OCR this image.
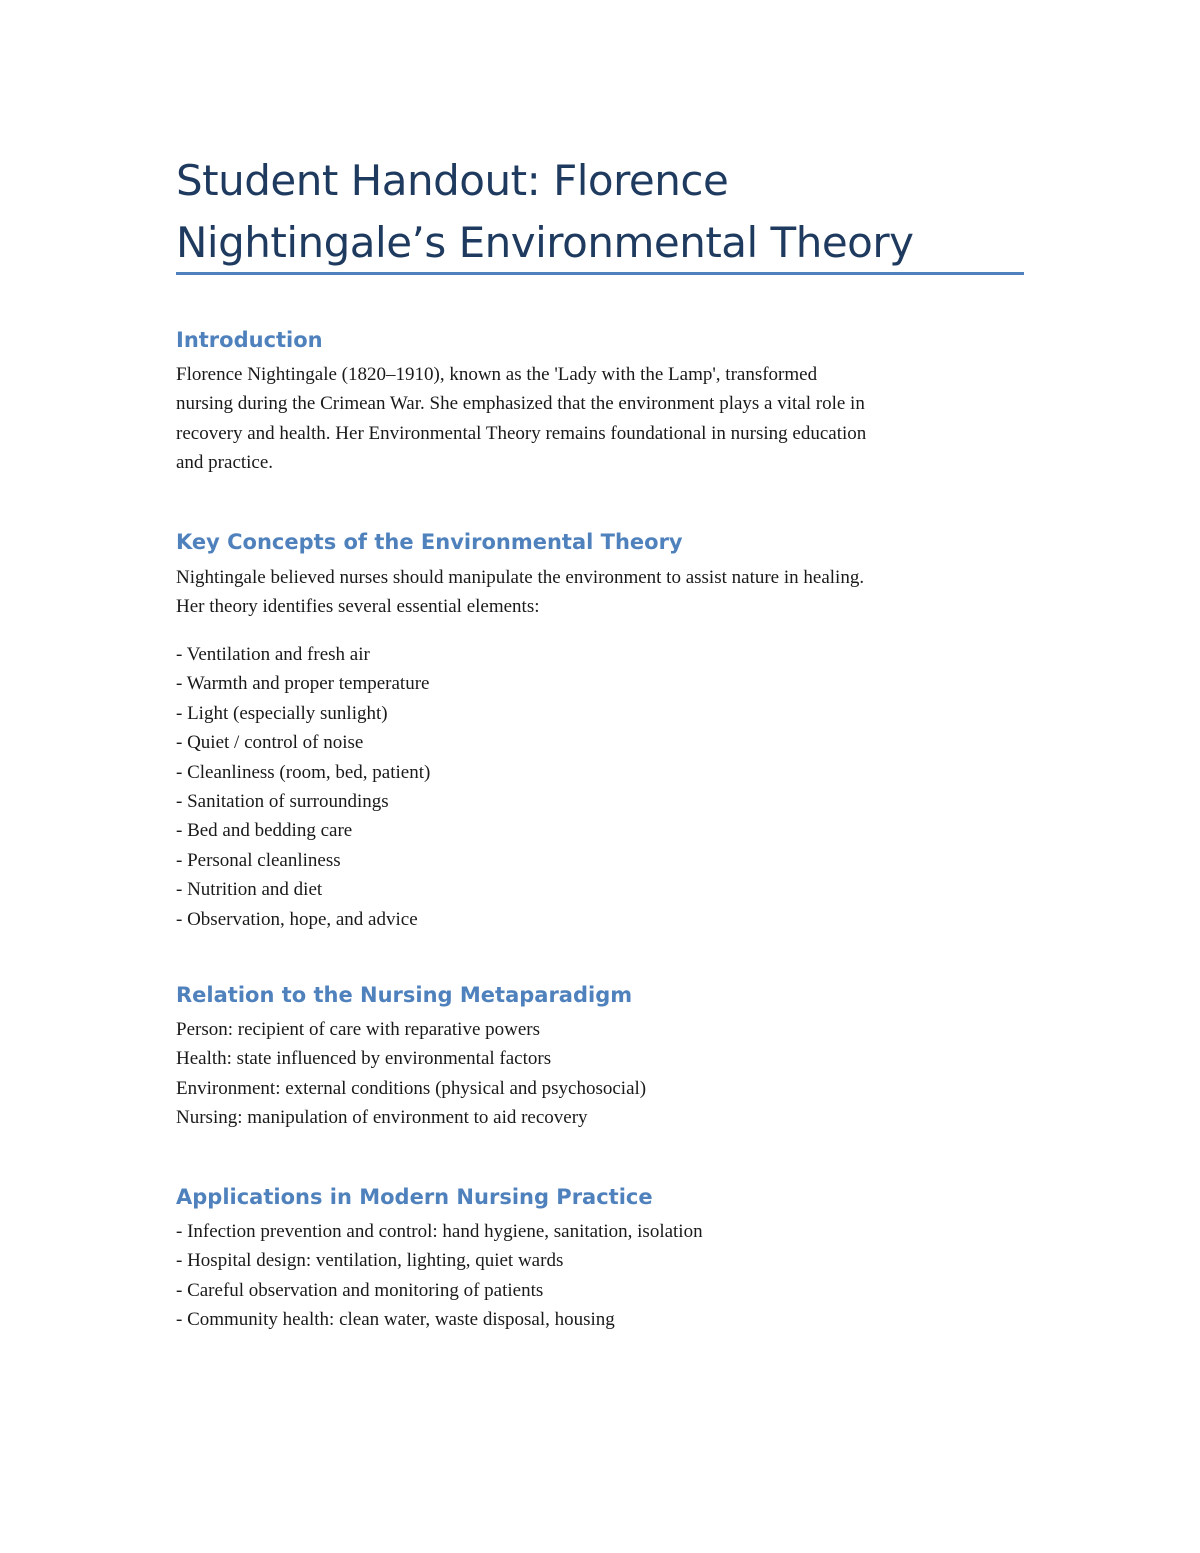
Student Handout: Florence
Nightingale’s Environmental Theory
Introduction
Florence Nightingale (1820–1910), known as the 'Lady with the Lamp', transformed
nursing during the Crimean War. She emphasized that the environment plays a vital role in
recovery and health. Her Environmental Theory remains foundational in nursing education
and practice.
Key Concepts of the Environmental Theory
Nightingale believed nurses should manipulate the environment to assist nature in healing.
Her theory identifies several essential elements:
- Ventilation and fresh air
- Warmth and proper temperature
- Light (especially sunlight)
- Quiet / control of noise
- Cleanliness (room, bed, patient)
- Sanitation of surroundings
- Bed and bedding care
- Personal cleanliness
- Nutrition and diet
- Observation, hope, and advice
Relation to the Nursing Metaparadigm
Person: recipient of care with reparative powers
Health: state influenced by environmental factors
Environment: external conditions (physical and psychosocial)
Nursing: manipulation of environment to aid recovery
Applications in Modern Nursing Practice
- Infection prevention and control: hand hygiene, sanitation, isolation
- Hospital design: ventilation, lighting, quiet wards
- Careful observation and monitoring of patients
- Community health: clean water, waste disposal, housing
